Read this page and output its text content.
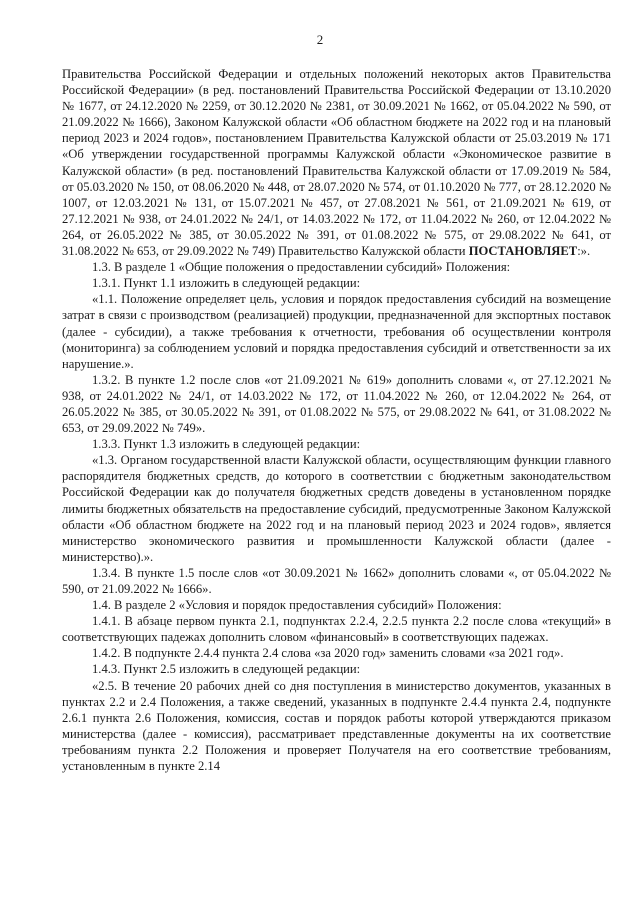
2

Правительства Российской Федерации и отдельных положений некоторых актов Правительства Российской Федерации» (в ред. постановлений Правительства Российской Федерации от 13.10.2020 № 1677, от 24.12.2020 № 2259, от 30.12.2020 № 2381, от 30.09.2021 № 1662, от 05.04.2022 № 590, от 21.09.2022 № 1666), Законом Калужской области «Об областном бюджете на 2022 год и на плановый период 2023 и 2024 годов», постановлением Правительства Калужской области от 25.03.2019 № 171 «Об утверждении государственной программы Калужской области «Экономическое развитие в Калужской области» (в ред. постановлений Правительства Калужской области от 17.09.2019 № 584, от 05.03.2020 № 150, от 08.06.2020 № 448, от 28.07.2020 № 574, от 01.10.2020 № 777, от 28.12.2020 № 1007, от 12.03.2021 № 131, от 15.07.2021 № 457, от 27.08.2021 № 561, от 21.09.2021 № 619, от 27.12.2021 № 938, от 24.01.2022 № 24/1, от 14.03.2022 № 172, от 11.04.2022 № 260, от 12.04.2022 № 264, от 26.05.2022 № 385, от 30.05.2022 № 391, от 01.08.2022 № 575, от 29.08.2022 № 641, от 31.08.2022 № 653, от 29.09.2022 № 749) Правительство Калужской области ПОСТАНОВЛЯЕТ:».

1.3. В разделе 1 «Общие положения о предоставлении субсидий» Положения:

1.3.1. Пункт 1.1 изложить в следующей редакции:

«1.1. Положение определяет цель, условия и порядок предоставления субсидий на возмещение затрат в связи с производством (реализацией) продукции, предназначенной для экспортных поставок (далее - субсидии), а также требования к отчетности, требования об осуществлении контроля (мониторинга) за соблюдением условий и порядка предоставления субсидий и ответственности за их нарушение.».

1.3.2. В пункте 1.2 после слов «от 21.09.2021 № 619» дополнить словами «, от 27.12.2021 № 938, от 24.01.2022 № 24/1, от 14.03.2022 № 172, от 11.04.2022 № 260, от 12.04.2022 № 264, от 26.05.2022 № 385, от 30.05.2022 № 391, от 01.08.2022 № 575, от 29.08.2022 № 641, от 31.08.2022 № 653, от 29.09.2022 № 749».

1.3.3. Пункт 1.3 изложить в следующей редакции:

«1.3. Органом государственной власти Калужской области, осуществляющим функции главного распорядителя бюджетных средств, до которого в соответствии с бюджетным законодательством Российской Федерации как до получателя бюджетных средств доведены в установленном порядке лимиты бюджетных обязательств на предоставление субсидий, предусмотренные Законом Калужской области «Об областном бюджете на 2022 год и на плановый период 2023 и 2024 годов», является министерство экономического развития и промышленности Калужской области (далее - министерство).».

1.3.4. В пункте 1.5 после слов «от 30.09.2021 № 1662» дополнить словами «, от 05.04.2022 № 590, от 21.09.2022 № 1666».

1.4. В разделе 2 «Условия и порядок предоставления субсидий» Положения:

1.4.1. В абзаце первом пункта 2.1, подпунктах 2.2.4, 2.2.5 пункта 2.2 после слова «текущий» в соответствующих падежах дополнить словом «финансовый» в соответствующих падежах.

1.4.2. В подпункте 2.4.4 пункта 2.4 слова «за 2020 год» заменить словами «за 2021 год».

1.4.3. Пункт 2.5 изложить в следующей редакции:

«2.5. В течение 20 рабочих дней со дня поступления в министерство документов, указанных в пунктах 2.2 и 2.4 Положения, а также сведений, указанных в подпункте 2.4.4 пункта 2.4, подпункте 2.6.1 пункта 2.6 Положения, комиссия, состав и порядок работы которой утверждаются приказом министерства (далее - комиссия), рассматривает представленные документы на их соответствие требованиям пункта 2.2 Положения и проверяет Получателя на его соответствие требованиям, установленным в пункте 2.14
